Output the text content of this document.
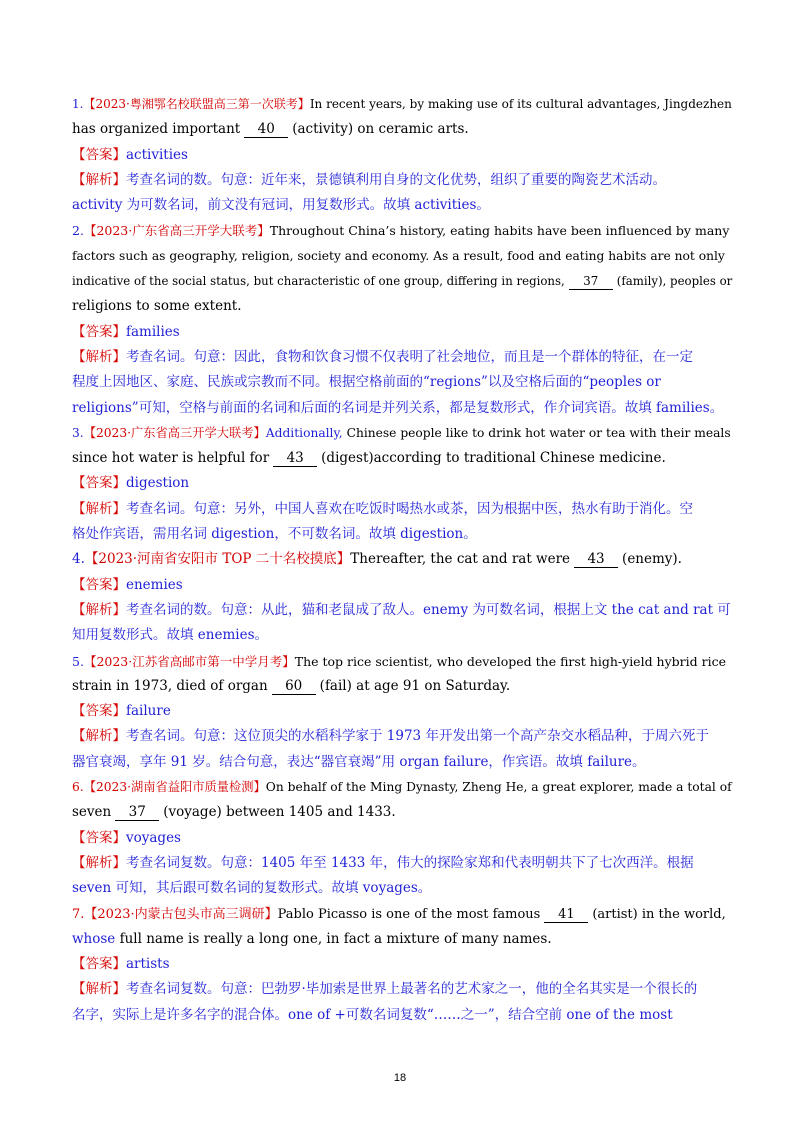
1.【2023·粤湘鄂名校联盟高三第一次联考】In recent years, by making use of its cultural advantages, Jingdezhen
has organized important 40 (activity) on ceramic arts.
【答案】activities
【解析】考查名词的数。句意：近年来，景德镇利用自身的文化优势，组织了重要的陶瓷艺术活动。
activity 为可数名词，前文没有冠词，用复数形式。故填 activities。
2.【2023·广东省高三开学大联考】Throughout China’s history, eating habits have been influenced by many
factors such as geography, religion, society and economy. As a result, food and eating habits are not only
indicative of the social status, but characteristic of one group, differing in regions, 37 (family), peoples or
religions to some extent.
【答案】families
【解析】考查名词。句意：因此，食物和饮食习惯不仅表明了社会地位，而且是一个群体的特征，在一定
程度上因地区、家庭、民族或宗教而不同。根据空格前面的“regions”以及空格后面的“peoples or
religions”可知，空格与前面的名词和后面的名词是并列关系，都是复数形式，作介词宾语。故填 families。
3.【2023·广东省高三开学大联考】Additionally, Chinese people like to drink hot water or tea with their meals
since hot water is helpful for 43 (digest)according to traditional Chinese medicine.
【答案】digestion
【解析】考查名词。句意：另外，中国人喜欢在吃饭时喝热水或茶，因为根据中医，热水有助于消化。空
格处作宾语，需用名词 digestion，不可数名词。故填 digestion。
4.【2023·河南省安阳市 TOP 二十名校摸底】Thereafter, the cat and rat were 43 (enemy).
【答案】enemies
【解析】考查名词的数。句意：从此，猫和老鼠成了敌人。enemy 为可数名词，根据上文 the cat and rat 可
知用复数形式。故填 enemies。
5.【2023·江苏省高邮市第一中学月考】The top rice scientist, who developed the first high-yield hybrid rice
strain in 1973, died of organ 60 (fail) at age 91 on Saturday.
【答案】failure
【解析】考查名词。句意：这位顶尖的水稻科学家于 1973 年开发出第一个高产杂交水稻品种，于周六死于
器官衰竭，享年 91 岁。结合句意，表达“器官衰竭”用 organ failure，作宾语。故填 failure。
6.【2023·湖南省益阳市质量检测】On behalf of the Ming Dynasty, Zheng He, a great explorer, made a total of
seven 37 (voyage) between 1405 and 1433.
【答案】voyages
【解析】考查名词复数。句意：1405 年至 1433 年，伟大的探险家郑和代表明朝共下了七次西洋。根据
seven 可知，其后跟可数名词的复数形式。故填 voyages。
7.【2023·内蒙古包头市高三调研】Pablo Picasso is one of the most famous 41 (artist) in the world,
whose full name is really a long one, in fact a mixture of many names.
【答案】artists
【解析】考查名词复数。句意：巴勃罗·毕加索是世界上最著名的艺术家之一，他的全名其实是一个很长的
名字，实际上是许多名字的混合体。one of +可数名词复数“……之一”，结合空前 one of the most
18
